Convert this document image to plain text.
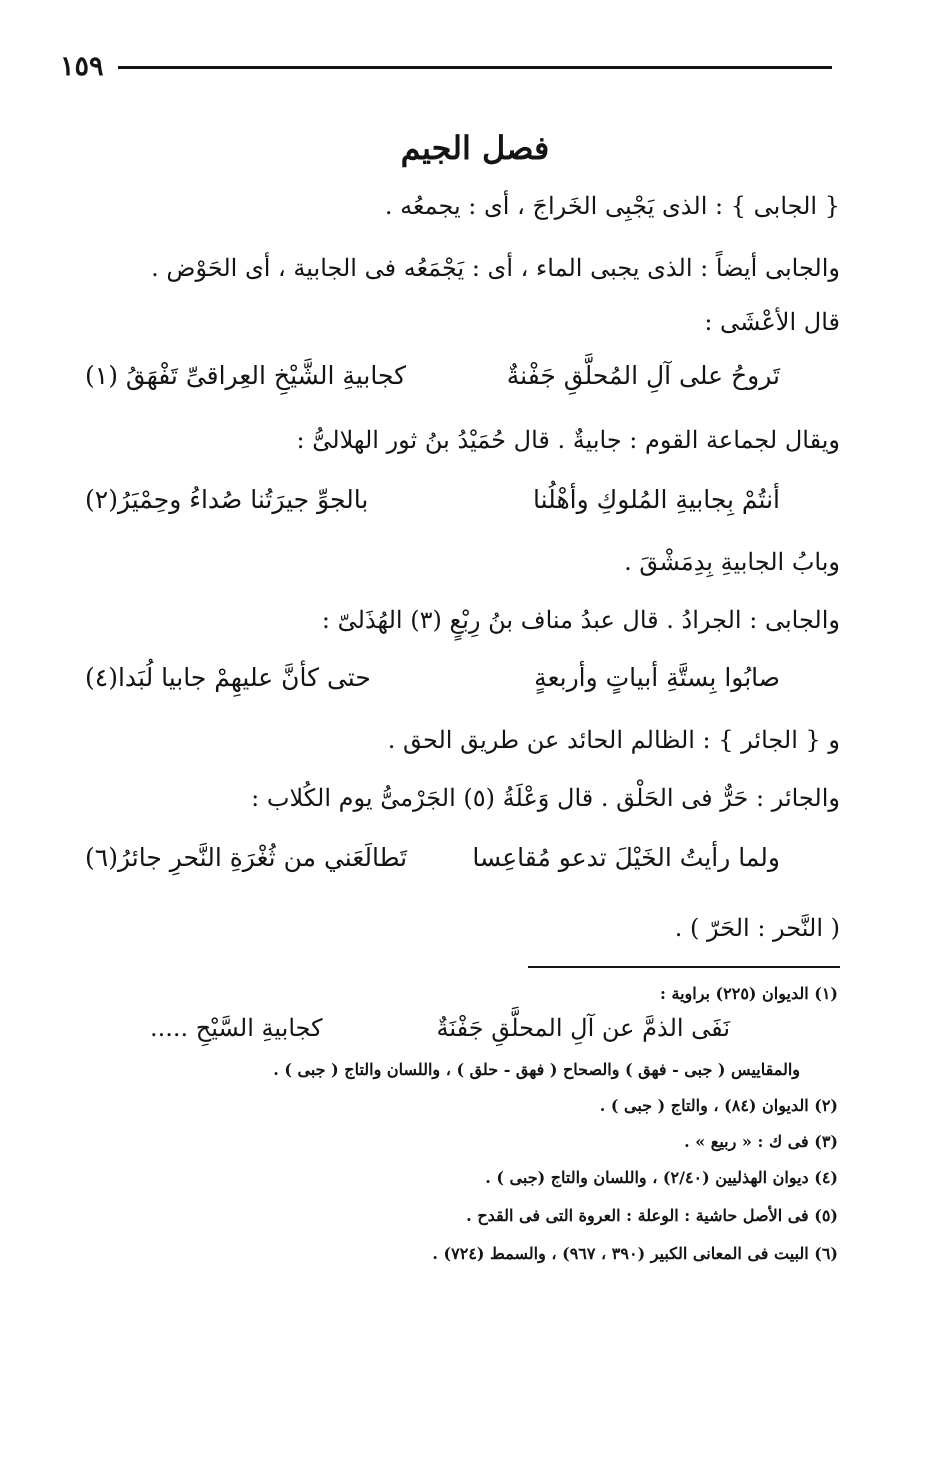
١٥٩
فصل الجيم
{ الجابى } : الذى يَجْبِى الخَراجَ ، أى : يجمعُه .
والجابى أيضاً : الذى يجبى الماء ، أى : يَجْمَعُه فى الجابية ، أى الحَوْض .
قال الأعْشَى :
تَروحُ على آلِ المُحلَّقِ جَفْنةٌ
كجابيةِ الشَّيْخِ العِراقىِّ تَفْهَقُ (١)
ويقال لجماعة القوم : جابيةٌ . قال حُمَيْدُ بنُ ثور الهلالىُّ :
أنتُمْ بِجابيةِ المُلوكِ وأهْلُنا
بالجوِّ جيرَتُنا صُداءُ وحِمْيَرُ(٢)
وبابُ الجابيةِ بِدِمَشْقَ .
والجابى : الجرادُ . قال عبدُ مناف بنُ رِبْعٍ (٣) الهُذَلىّ :
صابُوا بِستَّةِ أبياتٍ وأربعةٍ
حتى كأنَّ عليهِمْ جابيا لُبَدا(٤)
و { الجائر } : الظالم الحائد عن طريق الحق .
والجائر : حَرٌّ فى الحَلْق . قال وَعْلَةُ (٥) الجَرْمىُّ يوم الكُلاب :
ولما رأيتُ الخَيْلَ تدعو مُقاعِسا
تَطالَعَني من ثُغْرَةِ النَّحرِ جائرُ(٦)
( النَّحر : الحَرّ ) .
(١) الديوان (٢٢٥) براوية :
نَفَى الذمَّ عن آلِ المحلَّقِ جَفْنَةٌ
كجابيةِ السَّيْحِ .....
والمقاييس ( جبى - فهق ) والصحاح ( فهق - حلق ) ، واللسان والتاج ( جبى ) .
(٢) الديوان (٨٤) ، والتاج ( جبى ) .
(٣) فى ك : « ربيع » .
(٤) ديوان الهذليين (٢/٤٠) ، واللسان والتاج (جبى ) .
(٥) فى الأصل حاشية : الوعلة : العروة التى فى القدح .
(٦) البيت فى المعانى الكبير (٣٩٠ ، ٩٦٧) ، والسمط (٧٢٤) .
